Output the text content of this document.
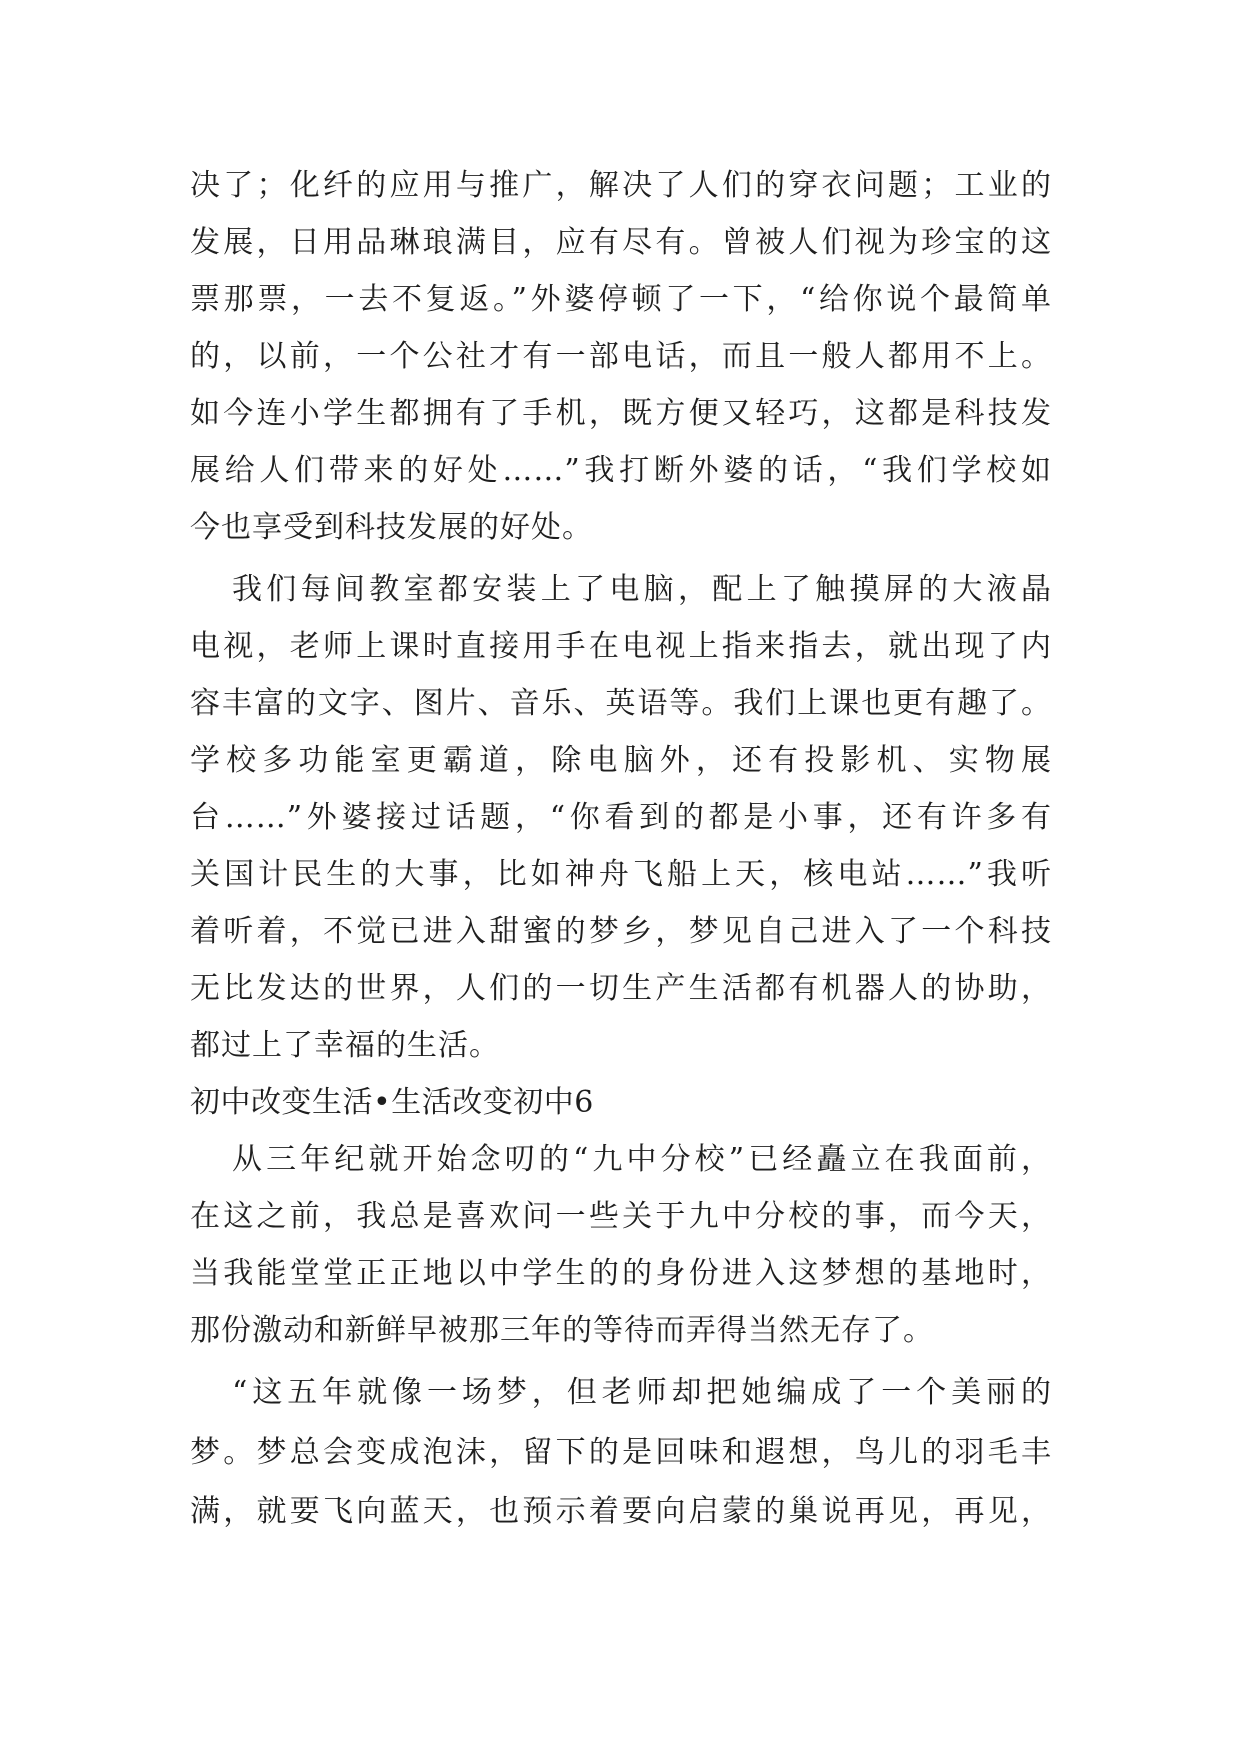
决了；化纤的应用与推广，解决了人们的穿衣问题；工业的
发展，日用品琳琅满目，应有尽有。曾被人们视为珍宝的这
票那票，一去不复返。”外婆停顿了一下，“给你说个最简单
的，以前，一个公社才有一部电话，而且一般人都用不上。
如今连小学生都拥有了手机，既方便又轻巧，这都是科技发
展给人们带来的好处……”我打断外婆的话，“我们学校如
今也享受到科技发展的好处。
我们每间教室都安装上了电脑，配上了触摸屏的大液晶
电视，老师上课时直接用手在电视上指来指去，就出现了内
容丰富的文字、图片、音乐、英语等。我们上课也更有趣了。
学校多功能室更霸道，除电脑外，还有投影机、实物展
台……”外婆接过话题，“你看到的都是小事，还有许多有
关国计民生的大事，比如神舟飞船上天，核电站……”我听
着听着，不觉已进入甜蜜的梦乡，梦见自己进入了一个科技
无比发达的世界，人们的一切生产生活都有机器人的协助，
都过上了幸福的生活。
初中改变生活•生活改变初中6
从三年纪就开始念叨的“九中分校”已经矗立在我面前，
在这之前，我总是喜欢问一些关于九中分校的事，而今天，
当我能堂堂正正地以中学生的的身份进入这梦想的基地时，
那份激动和新鲜早被那三年的等待而弄得当然无存了。
“这五年就像一场梦，但老师却把她编成了一个美丽的
梦。梦总会变成泡沫，留下的是回味和遐想，鸟儿的羽毛丰
满，就要飞向蓝天，也预示着要向启蒙的巢说再见，再见，
